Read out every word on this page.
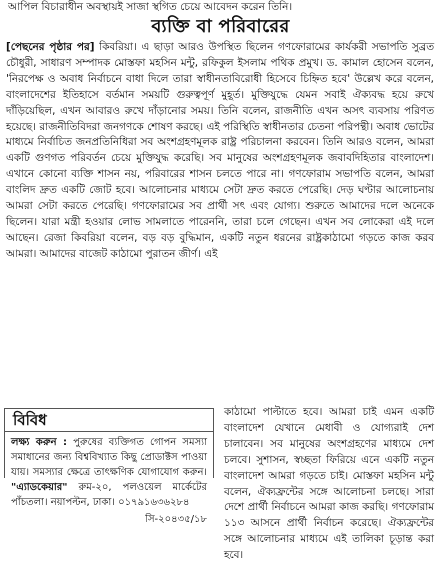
আপিল বিচারাধীন অবস্থায়ই সাজা স্থগিত চেয়ে আবেদন করেন তিনি।
ব্যক্তি বা পরিবারের

[পেছনের পৃষ্ঠার পর] কিবরিয়া। এ ছাড়া আরও উপস্থিত ছিলেন গণফোরামের কার্যকরী সভাপতি সুব্রত চৌধুরী, সাধারণ সম্পাদক মোস্তফা মহসিন মন্টু, রফিকুল ইসলাম পথিক প্রমুখ। ড. কামাল হোসেন বলেন, 'নিরপেক্ষ ও অবাধ নির্বাচনে বাধা দিলে তারা স্বাধীনতাবিরোধী হিসেবে চিহ্নিত হবে' উল্লেখ করে বলেন, বাংলাদেশের ইতিহাসে বর্তমান সময়টি গুরুত্বপূর্ণ মুহূর্ত। মুক্তিযুদ্ধে যেমন সবাই ঐক্যবদ্ধ হয়ে রুখে দাঁড়িয়েছিল, এখন আবারও রুখে দাঁড়ানোর সময়। তিনি বলেন, রাজনীতি এখন অসৎ ব্যবসায় পরিণত হয়েছে। রাজনীতিবিদরা জনগণকে শোষণ করছে। এই পরিস্থিতি স্বাধীনতার চেতনা পরিপন্থী। অবাধ ভোটের মাধ্যমে নির্বাচিত জনপ্রতিনিধিরা সব অংশগ্রহণমূলক রাষ্ট্র পরিচালনা করবেন। তিনি আরও বলেন, আমরা একটি গুণগত পরিবর্তন চেয়ে মুক্তিযুদ্ধ করেছি। সব মানুষের অংশগ্রহণমূলক জবাবদিহিতার বাংলাদেশ। এখানে কোনো ব্যক্তি শাসন নয়, পরিবারের শাসন চলতে পারে না। গণফোরাম সভাপতি বলেন, আমরা বাংলিদ দ্রুত একটি জোট হবে। আলোচনার মাধ্যমে সেটা দ্রুত করতে পেরেছি। দেড় ঘণ্টার আলোচনায় আমরা সেটা করতে পেরেছি। গণফোরামের সব প্রার্থী সৎ এবং যোগ্য। শুরুতে আমাদের দলে অনেকে ছিলেন। যারা মন্ত্রী হওয়ার লোভ সামলাতে পারেননি, তারা চলে গেছেন। এখন সব লোকেরা এই দলে আছেন। রেজা কিবরিয়া বলেন, বড় বড় বুদ্ধিমান, একটি নতুন ধরনের রাষ্ট্রকাঠামো গড়তে কাজ করব আমরা। আমাদের বাজেট কাঠামো পুরাতন জীর্ণ। এই

কাঠামো পাল্টাতে হবে। আমরা চাই এমন একটি বাংলাদেশ যেখানে মেধাবী ও যোগ্যরাই দেশ চালাবেন। সব মানুষের অংশগ্রহণের মাধ্যমে দেশ চলবে। সুশাসন, স্বচ্ছতা ফিরিয়ে এনে একটি নতুন বাংলাদেশ আমরা গড়তে চাই। মোস্তফা মহসিন মন্টু বলেন, ঐক্যফ্রন্টের সঙ্গে আলোচনা চলছে। সারা দেশে প্রার্থী নির্বাচনে আমরা কাজ করছি। গণফোরাম ১১৩ আসনে প্রার্থী নির্বাচন করেছে। ঐক্যফ্রন্টের সঙ্গে আলোচনার মাধ্যমে এই তালিকা চূড়ান্ত করা হবে।

বিবিধ
লক্ষ্য করুন : পুরুষের ব্যক্তিগত গোপন সমস্যা সমাধানের জন্য বিশ্ববিখ্যাত কিছু প্রোডাক্টস পাওয়া যায়। সমস্যার ক্ষেত্রে তাৎক্ষণিক যোগাযোগ করুন। "এ্যাডকেয়ার" রুম-২০, পলওয়েল মার্কেটের পাঁচতলা। নয়াপল্টন, ঢাকা। ০১৭৯১৬৩৬২৮৪
সি-২০৪৩৫/১৮
